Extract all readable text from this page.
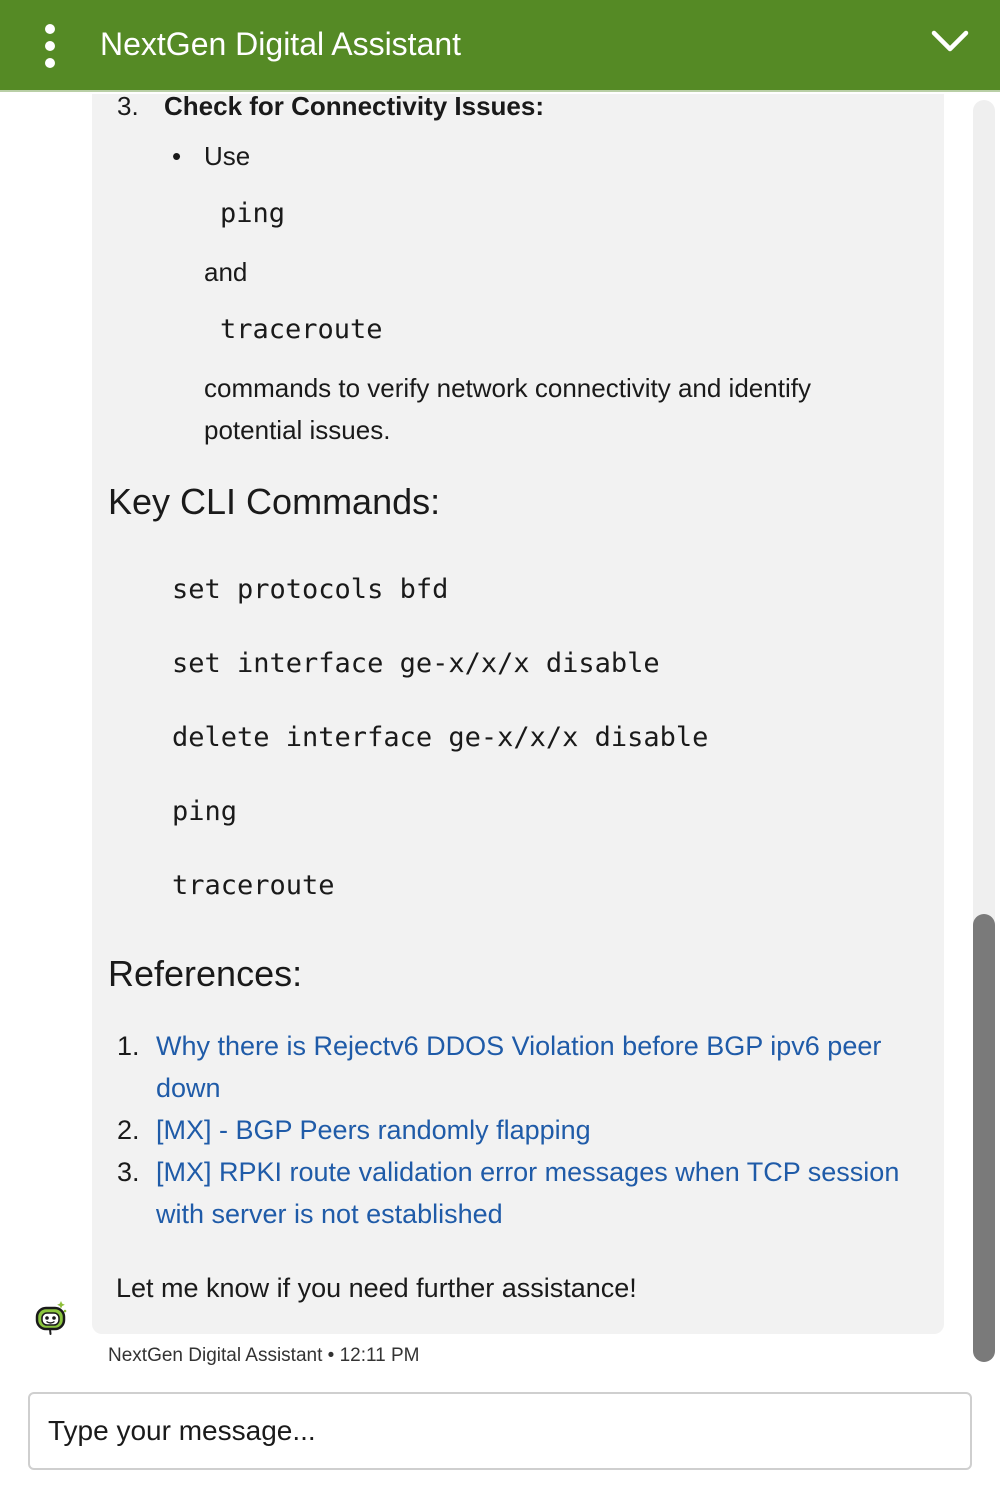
NextGen Digital Assistant
3. Check for Connectivity Issues:
• Use
ping
and
traceroute
commands to verify network connectivity and identify
potential issues.
Key CLI Commands:
set protocols bfd
set interface ge-x/x/x disable
delete interface ge-x/x/x disable
ping
traceroute
References:
1. Why there is Rejectv6 DDOS Violation before BGP ipv6 peer
down
2. [MX] - BGP Peers randomly flapping
3. [MX] RPKI route validation error messages when TCP session
with server is not established
Let me know if you need further assistance!
NextGen Digital Assistant • 12:11 PM
Type your message...
